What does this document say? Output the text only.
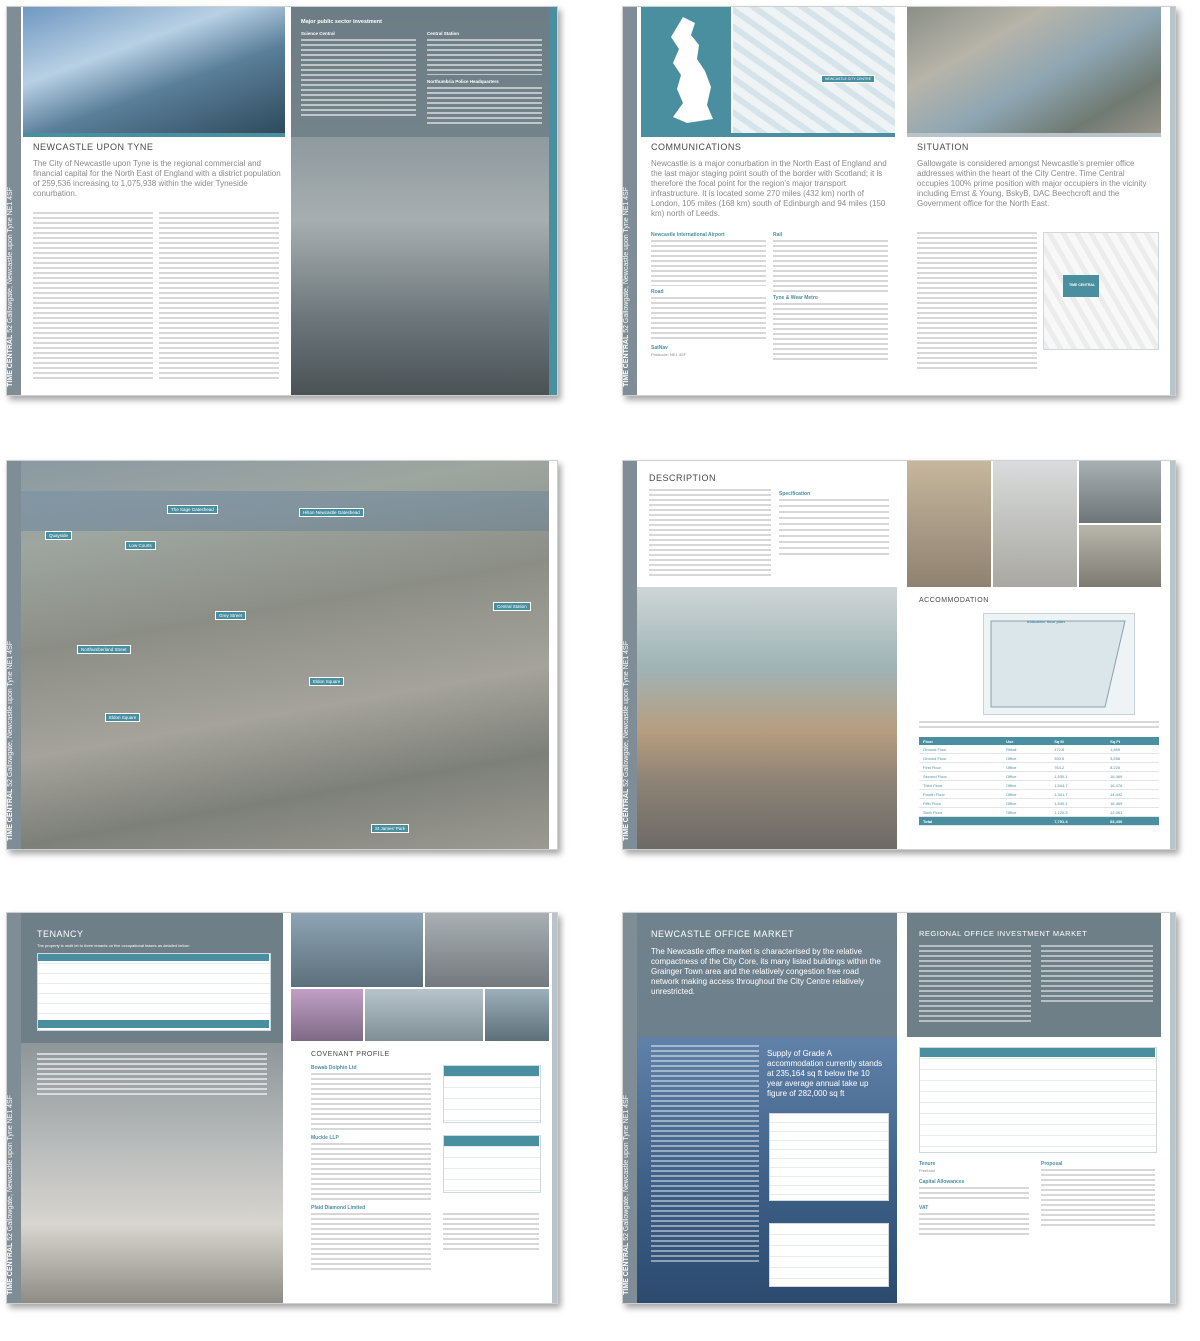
TIME CENTRAL 52 Gallowgate, Newcastle upon Tyne NE1 4SF
NEWCASTLE UPON TYNE
The City of Newcastle upon Tyne is the regional commercial and financial capital for the North East of England with a district population of 259,536 increasing to 1,075,938 within the wider Tyneside conurbation.
Major public sector investment
Science Central	Central Station
Northumbria Police Headquarters
TIME CENTRAL 52 Gallowgate, Newcastle upon Tyne NE1 4SF
NEWCASTLE CITY CENTRE
COMMUNICATIONS
Newcastle is a major conurbation in the North East of England and the last major staging point south of the border with Scotland; it is therefore the focal point for the region's major transport infrastructure. It is located some 270 miles (432 km) north of London, 105 miles (168 km) south of Edinburgh and 94 miles (150 km) north of Leeds.
Newcastle International Airport
Road
SatNav
Postcode: NE1 4SF
Rail
Tyne & Wear Metro
SITUATION
Gallowgate is considered amongst Newcastle's premier office addresses within the heart of the City Centre. Time Central occupies 100% prime position with major occupiers in the vicinity including Ernst & Young, BskyB, DAC Beechcroft and the Government office for the North East.
TIME CENTRAL
TIME CENTRAL 52 Gallowgate, Newcastle upon Tyne NE1 4SF
The Sage Gateshead
Hilton Newcastle Gateshead
Quayside
Low Courts
Grey Street
Central Station
Northumberland Street
Eldon Square
Eldon Square
St James' Park	TIME CENTRAL 52 Gallowgate, Newcastle upon Tyne NE1 4SF
DESCRIPTION
Specification
ACCOMMODATION
Indicative floor plan
Floor	Use	Sq M	Sq Ft
Ground Floor	Retail	172.8	1,859
Ground Floor	Office	330.5	3,558
First Floor	Office	764.2	8,226
Second Floor	Office	1,530.1	16,469
Third Floor	Office	1,544.7	16,476
Fourth Floor	Office	1,341.7	14,442
Fifth Floor	Office	1,530.1	16,469
Sixth Floor	Office	1,120.3	12,061
Total		7,751.4	83,436
TIME CENTRAL 52 Gallowgate, Newcastle upon Tyne NE1 4SF
TENANCY
The property is multi let to three tenants on five occupational leases as detailed below:
COVENANT PROFILE
Bowab Dolphin Ltd
Muckle LLP
Pfaid Diamond Limited
TIME CENTRAL 52 Gallowgate, Newcastle upon Tyne NE1 4SF
NEWCASTLE OFFICE MARKET
The Newcastle office market is characterised by the relative compactness of the City Core, its many listed buildings within the Grainger Town area and the relatively congestion free road network making access throughout the City Centre relatively unrestricted.
Supply of Grade A accommodation currently stands at 235,164 sq ft below the 10 year average annual take up figure of 282,000 sq ft
REGIONAL OFFICE INVESTMENT MARKET
Tenure
Freehold
Capital Allowances
VAT
Proposal
